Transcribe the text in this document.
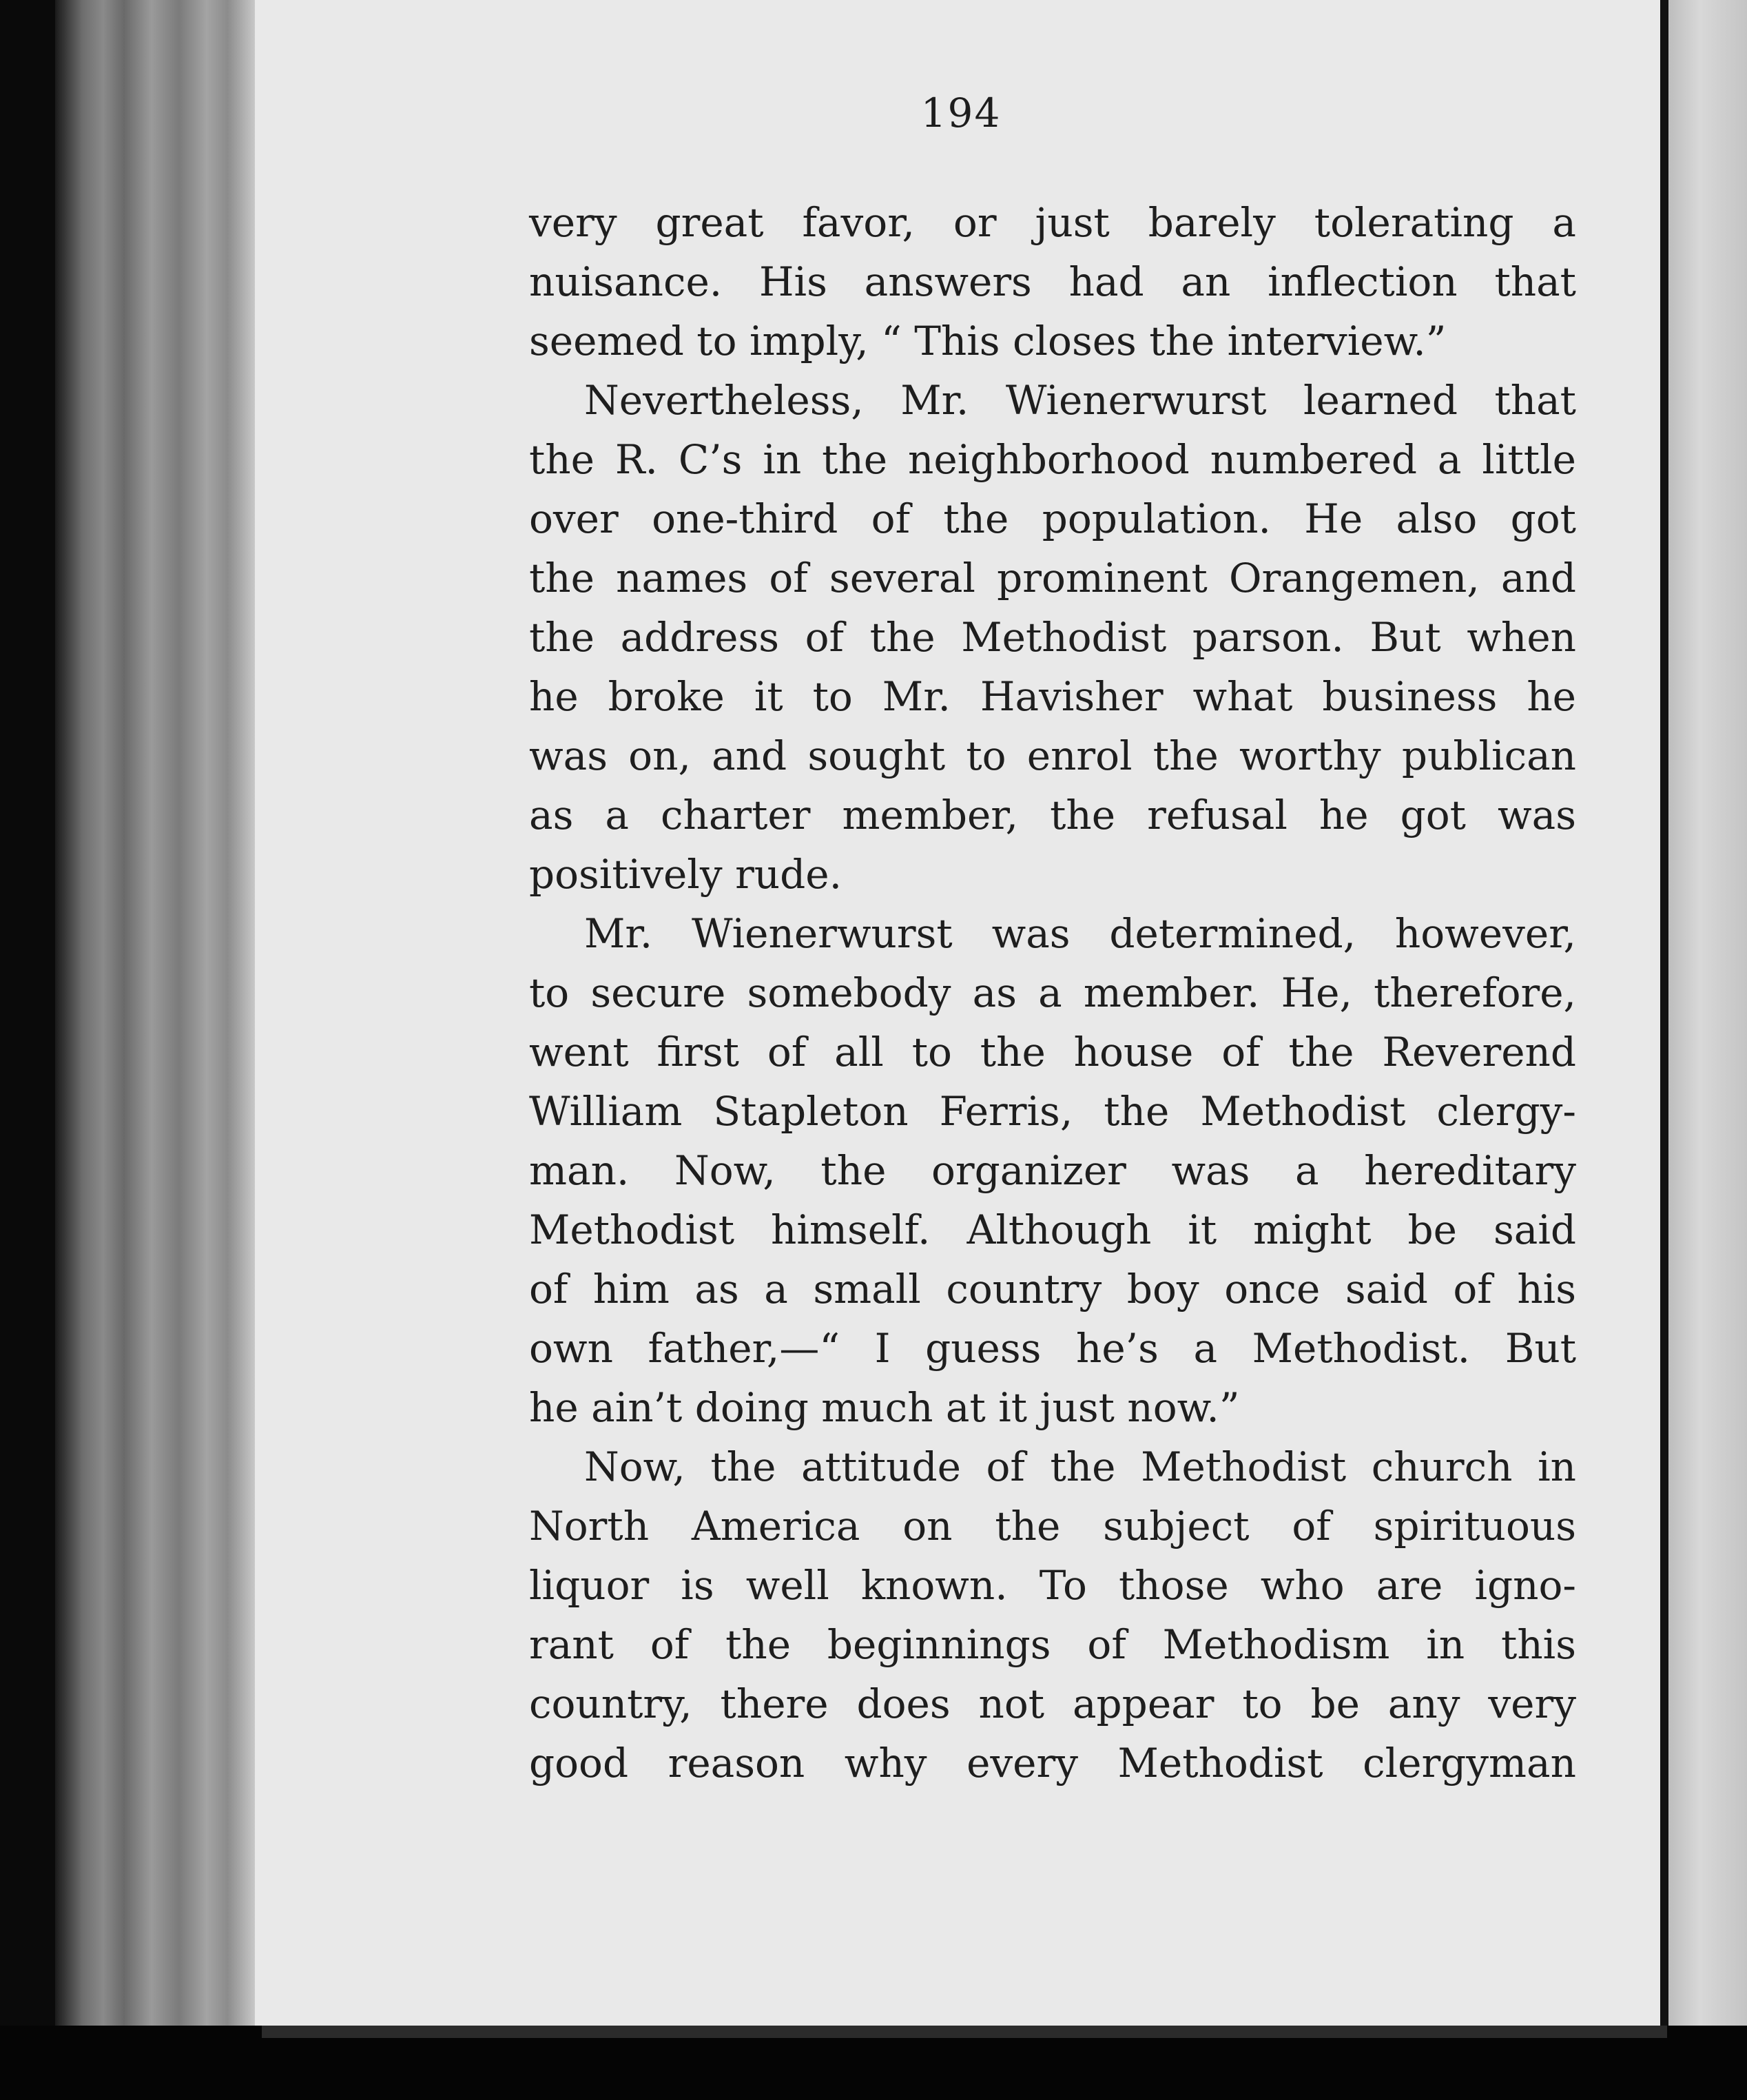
194
very great favor, or just barely tolerating a
nuisance. His answers had an inflection that
seemed to imply, “ This closes the interview.”
Nevertheless, Mr. Wienerwurst learned that
the R. C’s in the neighborhood numbered a little
over one-third of the population. He also got
the names of several prominent Orangemen, and
the address of the Methodist parson. But when
he broke it to Mr. Havisher what business he
was on, and sought to enrol the worthy publican
as a charter member, the refusal he got was
positively rude.
Mr. Wienerwurst was determined, however,
to secure somebody as a member. He, therefore,
went first of all to the house of the Reverend
William Stapleton Ferris, the Methodist clergy-
man. Now, the organizer was a hereditary
Methodist himself. Although it might be said
of him as a small country boy once said of his
own father,—“ I guess he’s a Methodist. But
he ain’t doing much at it just now.”
Now, the attitude of the Methodist church in
North America on the subject of spirituous
liquor is well known. To those who are igno-
rant of the beginnings of Methodism in this
country, there does not appear to be any very
good reason why every Methodist clergyman
